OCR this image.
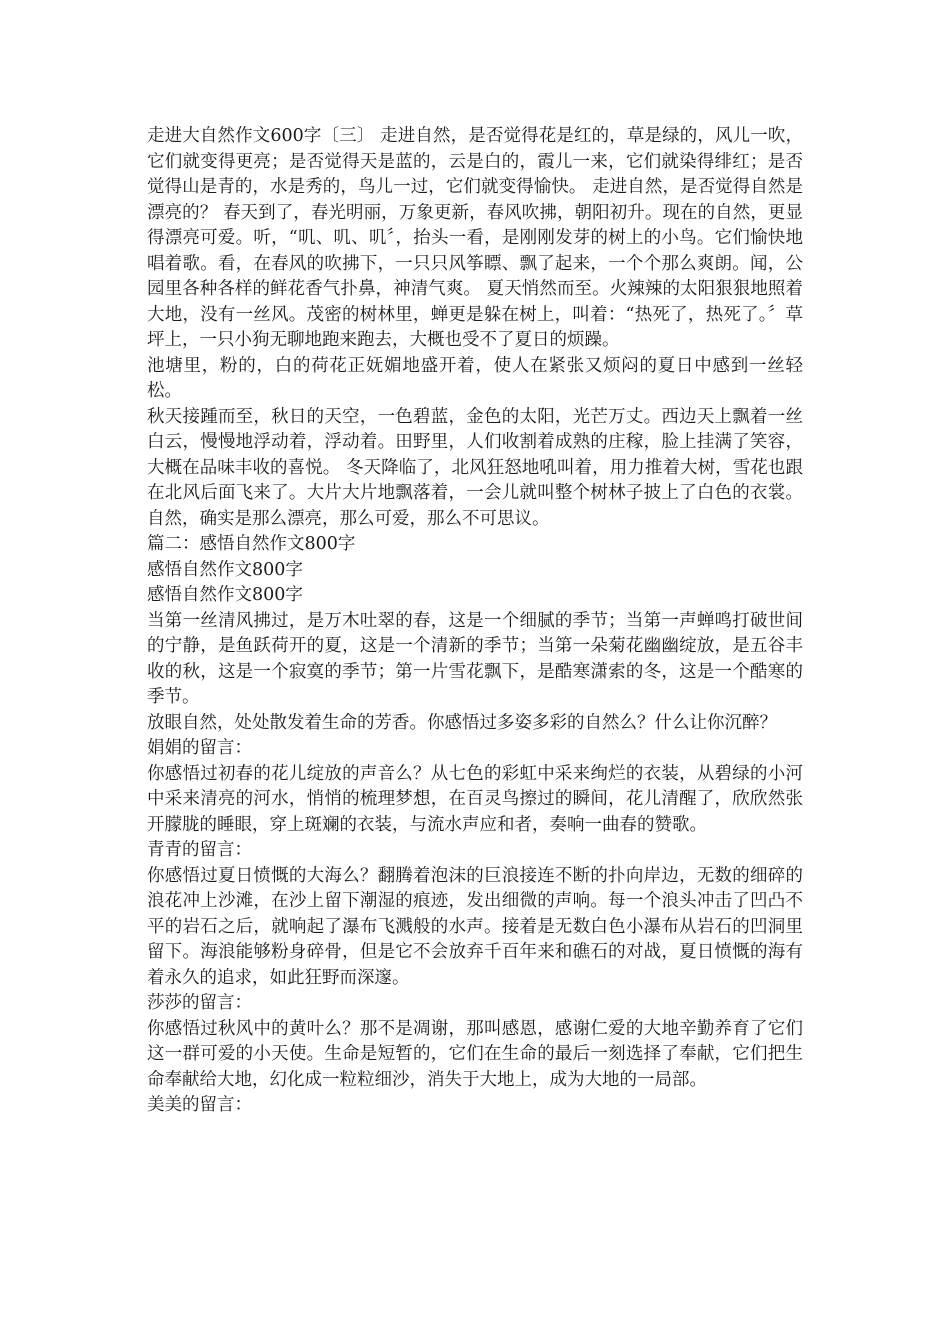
走进大自然作文600字〔三〕 走进自然，是否觉得花是红的，草是绿的，风儿一吹，它们就变得更亮；是否觉得天是蓝的，云是白的，霞儿一来，它们就染得绯红；是否觉得山是青的，水是秀的，鸟儿一过，它们就变得愉快。 走进自然，是否觉得自然是漂亮的？ 春天到了，春光明丽，万象更新，春风吹拂，朝阳初升。现在的自然，更显得漂亮可爱。听，“叽、叽、叽〞，抬头一看，是刚刚发芽的树上的小鸟。它们愉快地唱着歌。看，在春风的吹拂下，一只只风筝瞟、飘了起来，一个个那么爽朗。闻，公园里各种各样的鲜花香气扑鼻，神清气爽。 夏天悄然而至。火辣辣的太阳狠狠地照着大地，没有一丝风。茂密的树林里，蝉更是躲在树上，叫着：“热死了，热死了。〞草坪上，一只小狗无聊地跑来跑去，大概也受不了夏日的烦躁。

池塘里，粉的，白的荷花正妩媚地盛开着，使人在紧张又烦闷的夏日中感到一丝轻松。

秋天接踵而至，秋日的天空，一色碧蓝，金色的太阳，光芒万丈。西边天上飘着一丝白云，慢慢地浮动着，浮动着。田野里，人们收割着成熟的庄稼，脸上挂满了笑容，大概在品味丰收的喜悦。 冬天降临了，北风狂怒地吼叫着，用力推着大树，雪花也跟在北风后面飞来了。大片大片地飘落着，一会儿就叫整个树林子披上了白色的衣裳。 自然，确实是那么漂亮，那么可爱，那么不可思议。

篇二：感悟自然作文800字

感悟自然作文800字

感悟自然作文800字

当第一丝清风拂过，是万木吐翠的春，这是一个细腻的季节；当第一声蝉鸣打破世间的宁静，是鱼跃荷开的夏，这是一个清新的季节；当第一朵菊花幽幽绽放，是五谷丰收的秋，这是一个寂寞的季节；第一片雪花飘下，是酷寒潇索的冬，这是一个酷寒的季节。

放眼自然，处处散发着生命的芳香。你感悟过多姿多彩的自然么？什么让你沉醉？

娟娟的留言：

你感悟过初春的花儿绽放的声音么？从七色的彩虹中采来绚烂的衣装，从碧绿的小河中采来清亮的河水，悄悄的梳理梦想，在百灵鸟擦过的瞬间，花儿清醒了，欣欣然张开朦胧的睡眼，穿上斑斓的衣装，与流水声应和者，奏响一曲春的赞歌。

青青的留言：

你感悟过夏日愤慨的大海么？翻腾着泡沫的巨浪接连不断的扑向岸边，无数的细碎的浪花冲上沙滩，在沙上留下潮湿的痕迹，发出细微的声响。每一个浪头冲击了凹凸不平的岩石之后，就响起了瀑布飞溅般的水声。接着是无数白色小瀑布从岩石的凹洞里留下。海浪能够粉身碎骨，但是它不会放弃千百年来和礁石的对战，夏日愤慨的海有着永久的追求，如此狂野而深邃。

莎莎的留言：

你感悟过秋风中的黄叶么？那不是凋谢，那叫感恩，感谢仁爱的大地辛勤养育了它们这一群可爱的小天使。生命是短暂的，它们在生命的最后一刻选择了奉献，它们把生命奉献给大地，幻化成一粒粒细沙，消失于大地上，成为大地的一局部。

美美的留言：
